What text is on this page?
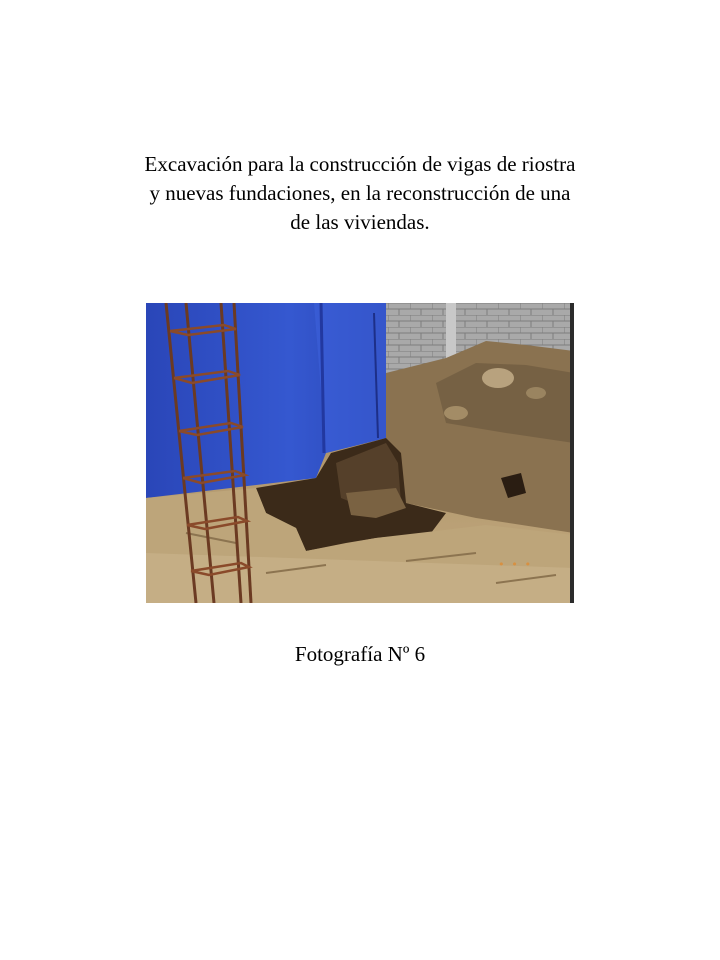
Excavación para la construcción de vigas de riostra
y nuevas fundaciones, en la reconstrucción de una
de las viviendas.
• • •
Fotografía Nº 6
